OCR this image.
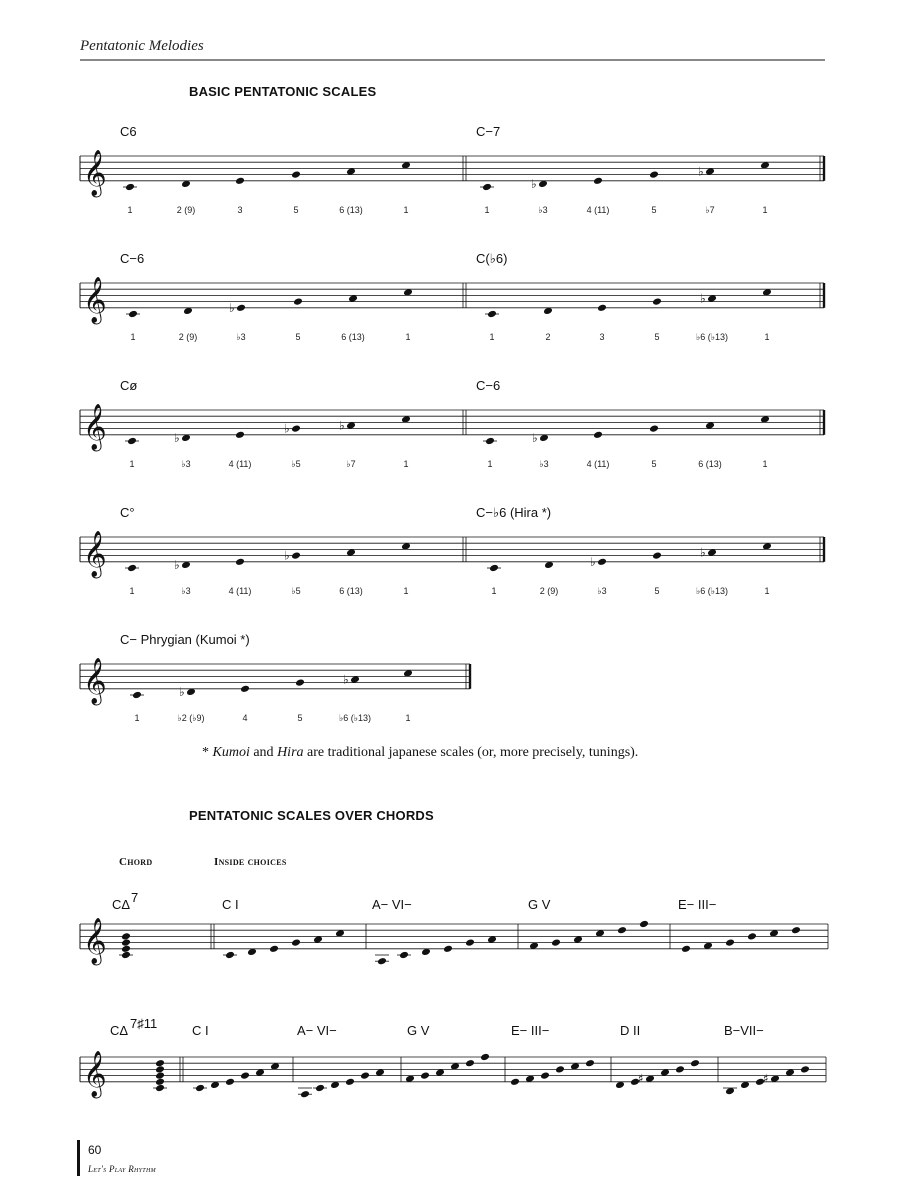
Pentatonic Melodies
BASIC PENTATONIC SCALES
PENTATONIC SCALES OVER CHORDS
* Kumoi and Hira are traditional japanese scales (or, more precisely, tunings).
Chord	Inside choices
𝄞
C6
1	2 (9)	3	5	6 (13)	1
C−7
1
♭
♭3	4 (11)	5
♭
♭7	1
𝄞
C−6
1	2 (9)
♭
♭3	5	6 (13)	1
C(♭6)
1	2	3	5
♭
♭6 (♭13)	1
𝄞
Cø
1
♭
♭3	4 (11)
♭
♭5
♭
♭7	1
C−6
1
♭
♭3	4 (11)	5	6 (13)	1
𝄞
C°
1
♭
♭3	4 (11)
♭
♭5	6 (13)	1
C−♭6 (Hira *)
1	2 (9)
♭
♭3	5
♭
♭6 (♭13)	1
𝄞
C− Phrygian (Kumoi *)
1
♭
♭2 (♭9)	4	5
♭
♭6 (♭13)	1
𝄞
CΔ 7	C I	A− VI−	G V	E− III−
𝄞
CΔ 7♯11	C I	A− VI−	G V	E− III−	D II	B−VII−
♯	♯
60
Let's Play Rhythm
